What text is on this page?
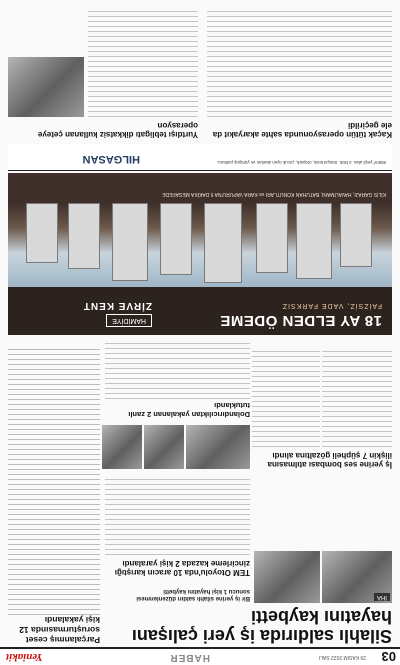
03
29 KASIM 2022 SALI
HABER
Yeniakit
Silahlı saldırıda iş yeri çalışanı hayatını kaybetti
Parçalanmış ceset soruşturmasında 12 kişi yakalandı
İHA
Bir iş yerine silahlı saldırı düzenlenmesi sonucu 1 kişi hayatını kaybetti
TEM Otoyolu'nda 10 aracın karıştığı zincirleme kazada 2 kişi yaralandı
İş yerine ses bombası atılmasına ilişkin 7 şüpheli gözaltına alındı
Dolandırıcılıktan yakalanan 2 zanlı tutuklandı
18 AY ELDEN ÖDEME
FAİZSİZ, VADE FARKSIZ
HAMİDİYE
ZİRVE KENT
KİLİS GARAJI, HAVALİMANI, BATUHAN KONUTLARI ve KARA VAPURU'NA 5 DAKİKA MESAFEDE
900m² yeşil alan. 4 blok. Sosyal tesis, otopark, çocuk oyun alanları ve yürüyüş parkuru.
HILGASAN
Kaçak tütün operasyonunda sahte akaryakıt da ele geçirildi
Yurtdışı tebligatı dikkatsiz kullanan çeteye operasyon
